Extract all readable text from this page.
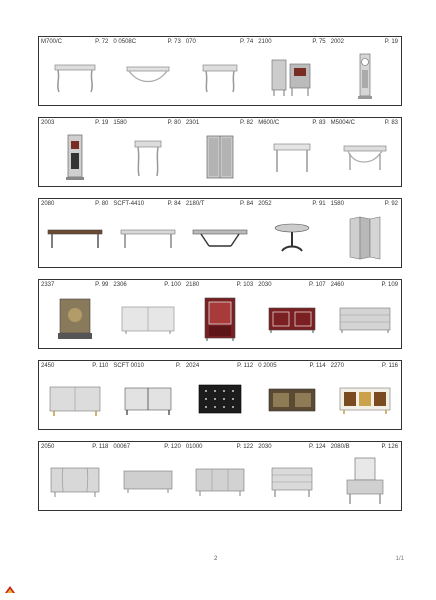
M700/C	P. 72 0 0508C	P. 73 070	P. 74 2100	P. 75 2002	P. 19
2003	P. 19 1580	P. 80 2301	P. 82 M600/C	P. 83 M5004/C	P. 83
2080	P. 80 SCFT-4410	P. 84 2180/T	P. 84 2052	P. 91 1580	P. 92
2337	P. 99 2306	P. 100 2180	P. 103 2030	P. 107 2460	P. 109
2450	P. 110 SCFT 0010	P. 2024	P. 112 0 2005	P. 114 2270	P. 116
2050	P. 118 00067	P. 120 01000	P. 122 2030	P. 124 2080/B	P. 126
2	1/1
